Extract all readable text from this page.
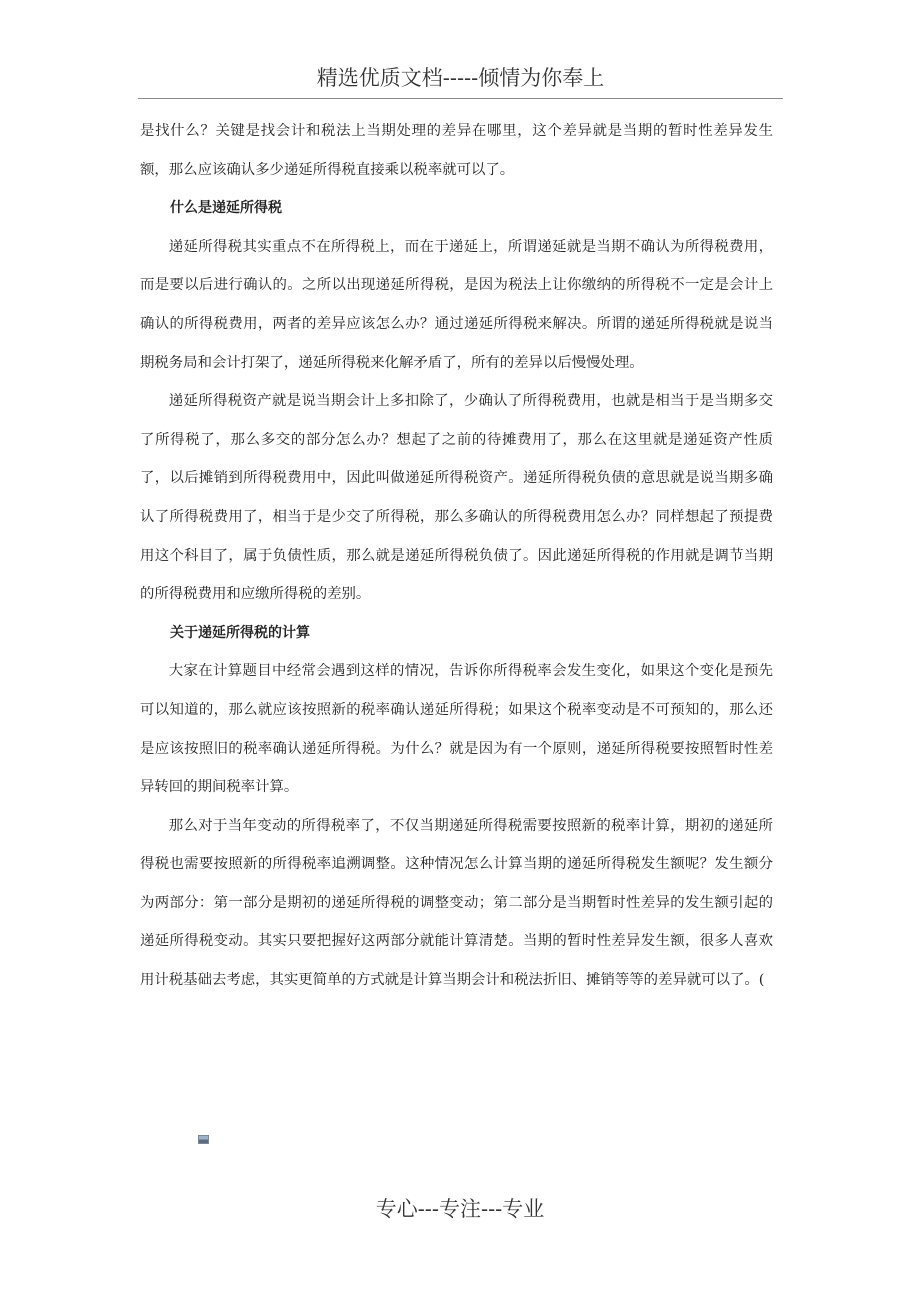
精选优质文档-----倾情为你奉上

是找什么？关键是找会计和税法上当期处理的差异在哪里，这个差异就是当期的暂时性差异发生额，那么应该确认多少递延所得税直接乘以税率就可以了。

什么是递延所得税

递延所得税其实重点不在所得税上，而在于递延上，所谓递延就是当期不确认为所得税费用，而是要以后进行确认的。之所以出现递延所得税，是因为税法上让你缴纳的所得税不一定是会计上确认的所得税费用，两者的差异应该怎么办？通过递延所得税来解决。所谓的递延所得税就是说当期税务局和会计打架了，递延所得税来化解矛盾了，所有的差异以后慢慢处理。

递延所得税资产就是说当期会计上多扣除了，少确认了所得税费用，也就是相当于是当期多交了所得税了，那么多交的部分怎么办？想起了之前的待摊费用了，那么在这里就是递延资产性质了，以后摊销到所得税费用中，因此叫做递延所得税资产。递延所得税负债的意思就是说当期多确认了所得税费用了，相当于是少交了所得税，那么多确认的所得税费用怎么办？同样想起了预提费用这个科目了，属于负债性质，那么就是递延所得税负债了。因此递延所得税的作用就是调节当期的所得税费用和应缴所得税的差别。

关于递延所得税的计算

大家在计算题目中经常会遇到这样的情况，告诉你所得税率会发生变化，如果这个变化是预先可以知道的，那么就应该按照新的税率确认递延所得税；如果这个税率变动是不可预知的，那么还是应该按照旧的税率确认递延所得税。为什么？就是因为有一个原则，递延所得税要按照暂时性差异转回的期间税率计算。

那么对于当年变动的所得税率了，不仅当期递延所得税需要按照新的税率计算，期初的递延所得税也需要按照新的所得税率追溯调整。这种情况怎么计算当期的递延所得税发生额呢？发生额分为两部分：第一部分是期初的递延所得税的调整变动；第二部分是当期暂时性差异的发生额引起的递延所得税变动。其实只要把握好这两部分就能计算清楚。当期的暂时性差异发生额，很多人喜欢用计税基础去考虑，其实更简单的方式就是计算当期会计和税法折旧、摊销等等的差异就可以了。(

专心---专注---专业
